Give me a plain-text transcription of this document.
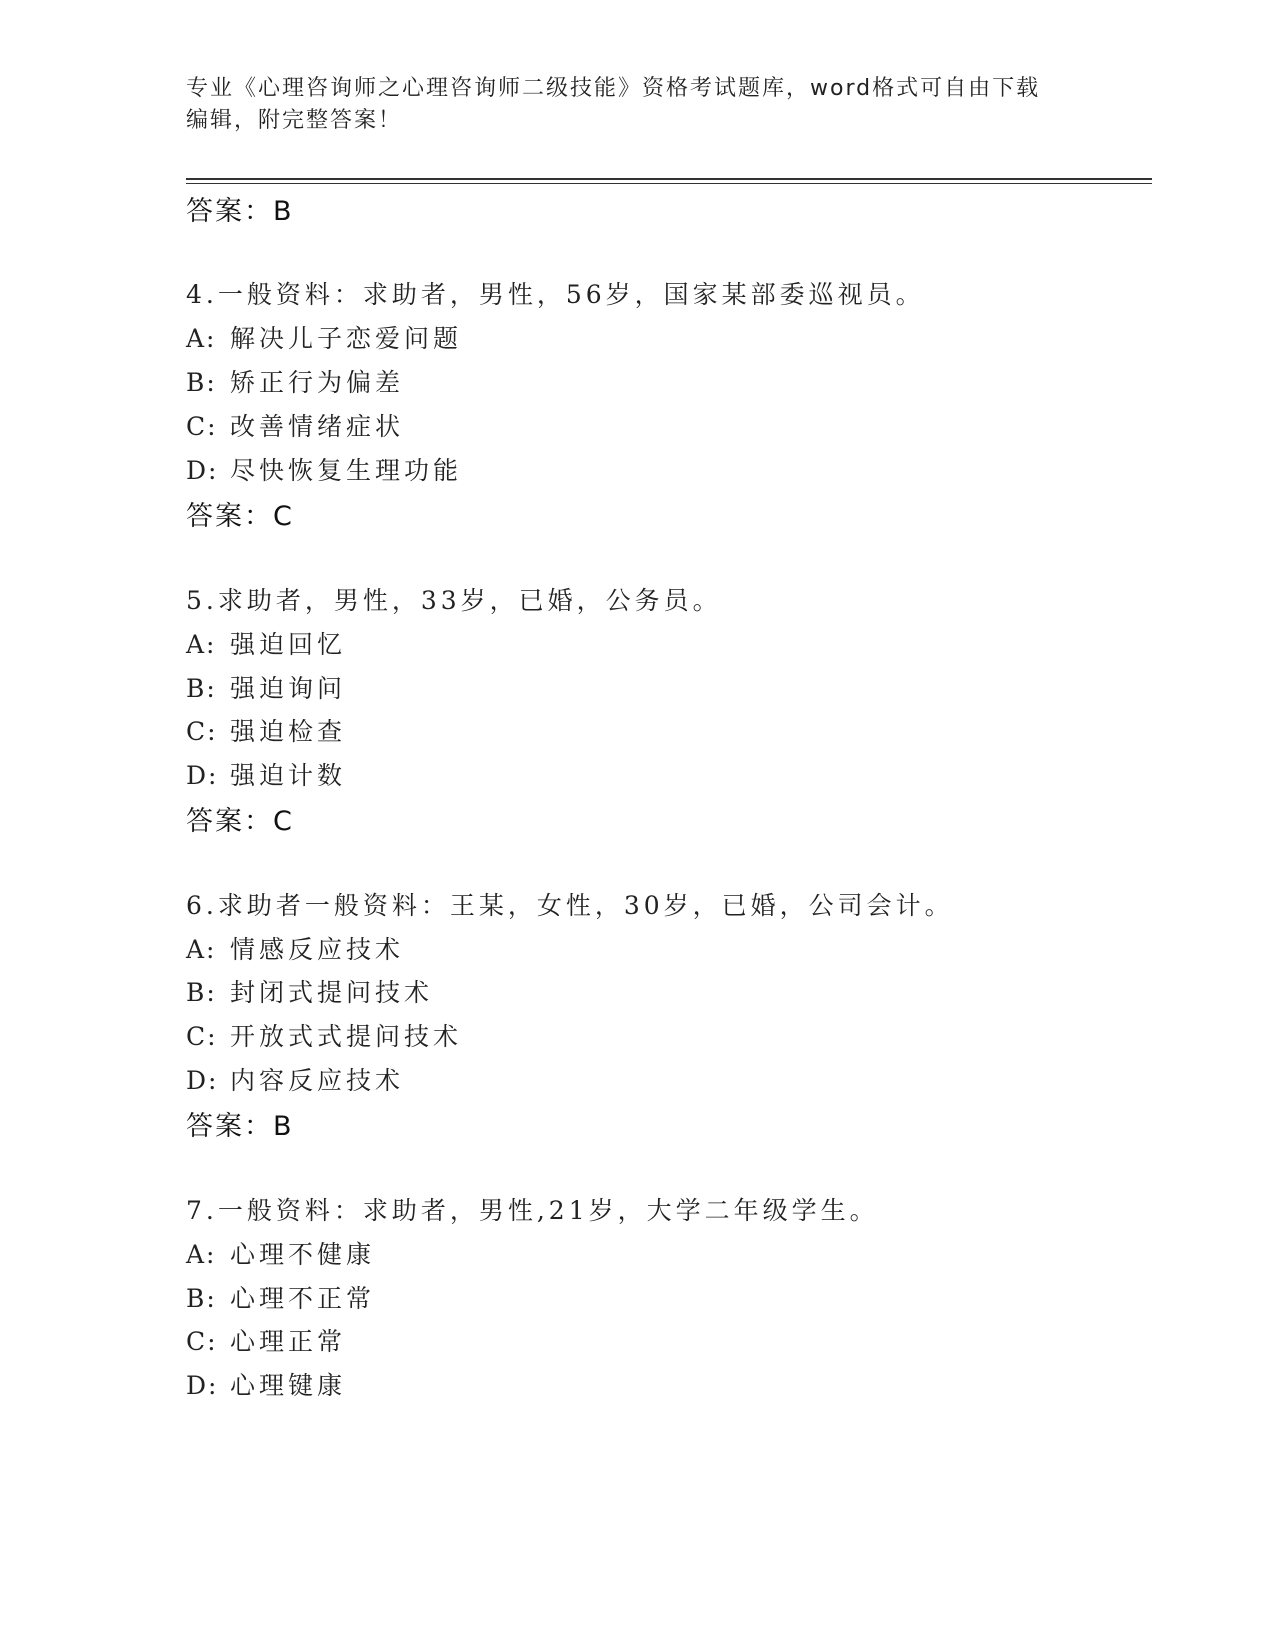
专业《心理咨询师之心理咨询师二级技能》资格考试题库，word格式可自由下载
编辑，附完整答案！
答案：B
4.一般资料：求助者，男性，56岁，国家某部委巡视员。
A: 解决儿子恋爱问题
B: 矫正行为偏差
C: 改善情绪症状
D: 尽快恢复生理功能
答案：C
5.求助者，男性，33岁，已婚，公务员。
A: 强迫回忆
B: 强迫询问
C: 强迫检查
D: 强迫计数
答案：C
6.求助者一般资料：王某，女性，30岁，已婚，公司会计。
A: 情感反应技术
B: 封闭式提问技术
C: 开放式式提问技术
D: 内容反应技术
答案：B
7.一般资料：求助者，男性,21岁，大学二年级学生。
A: 心理不健康
B: 心理不正常
C: 心理正常
D: 心理键康
